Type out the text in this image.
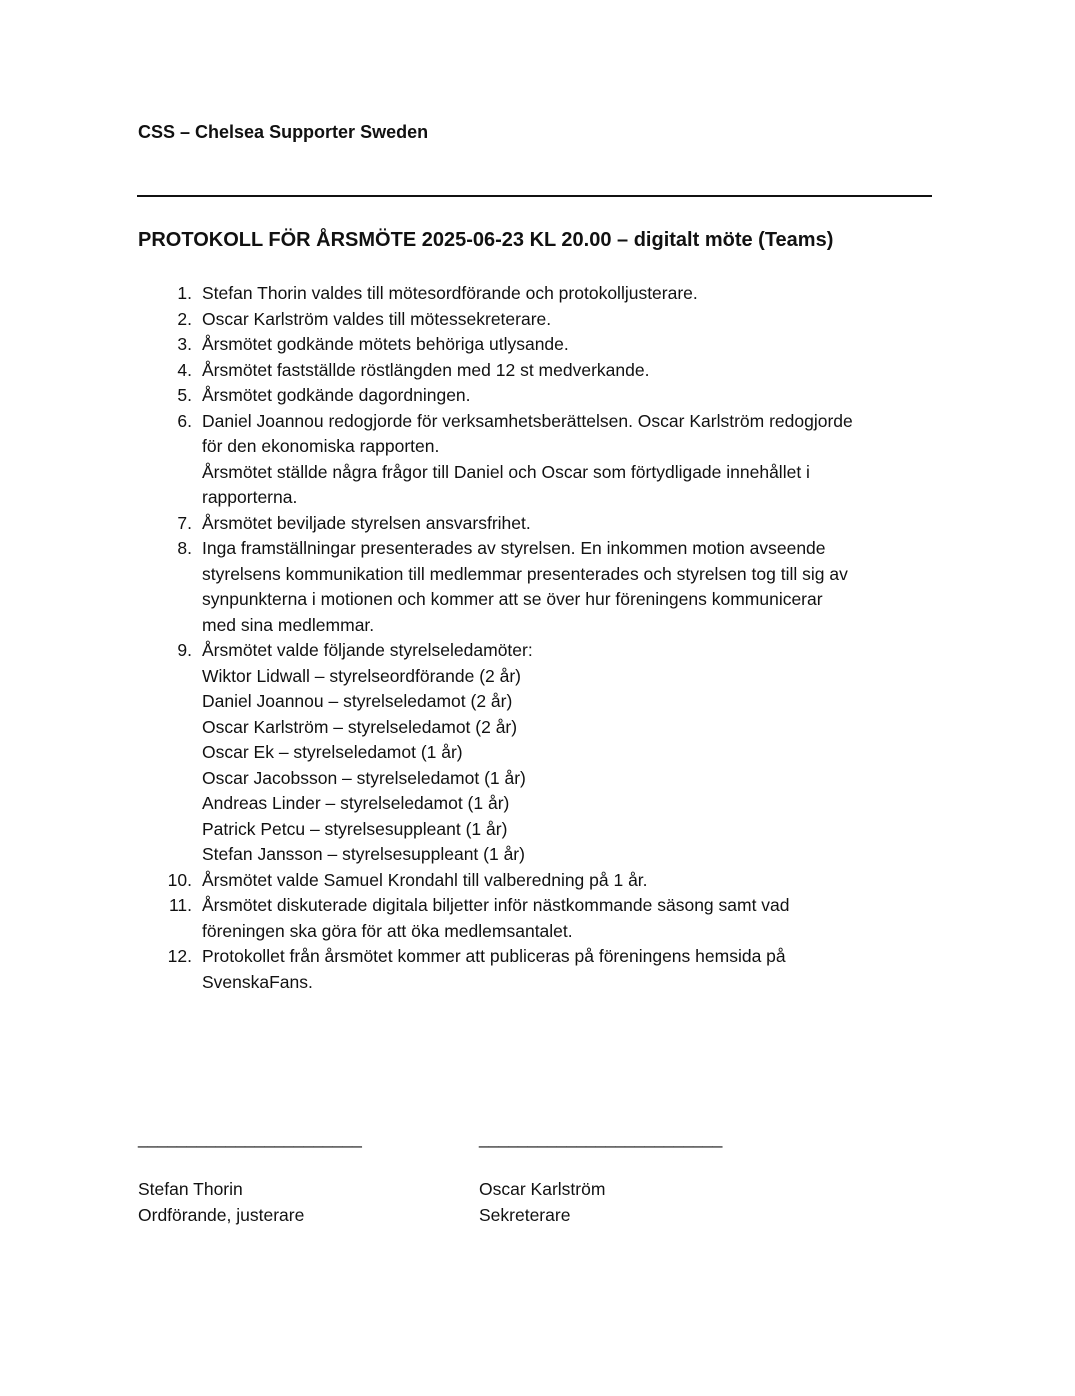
CSS – Chelsea Supporter Sweden
PROTOKOLL FÖR ÅRSMÖTE 2025-06-23 KL 20.00 – digitalt möte (Teams)
1. Stefan Thorin valdes till mötesordförande och protokolljusterare.
2. Oscar Karlström valdes till mötessekreterare.
3. Årsmötet godkände mötets behöriga utlysande.
4. Årsmötet fastställde röstlängden med 12 st medverkande.
5. Årsmötet godkände dagordningen.
6. Daniel Joannou redogjorde för verksamhetsberättelsen. Oscar Karlström redogjorde
för den ekonomiska rapporten.
Årsmötet ställde några frågor till Daniel och Oscar som förtydligade innehållet i
rapporterna.
7. Årsmötet beviljade styrelsen ansvarsfrihet.
8. Inga framställningar presenterades av styrelsen. En inkommen motion avseende
styrelsens kommunikation till medlemmar presenterades och styrelsen tog till sig av
synpunkterna i motionen och kommer att se över hur föreningens kommunicerar
med sina medlemmar.
9. Årsmötet valde följande styrelseledamöter:
Wiktor Lidwall – styrelseordförande (2 år)
Daniel Joannou – styrelseledamot (2 år)
Oscar Karlström – styrelseledamot (2 år)
Oscar Ek – styrelseledamot (1 år)
Oscar Jacobsson – styrelseledamot (1 år)
Andreas Linder – styrelseledamot (1 år)
Patrick Petcu – styrelsesuppleant (1 år)
Stefan Jansson – styrelsesuppleant (1 år)
10. Årsmötet valde Samuel Krondahl till valberedning på 1 år.
11. Årsmötet diskuterade digitala biljetter inför nästkommande säsong samt vad
föreningen ska göra för att öka medlemsantalet.
12. Protokollet från årsmötet kommer att publiceras på föreningens hemsida på
SvenskaFans.
_______________________
Stefan Thorin
Ordförande, justerare
_________________________
Oscar Karlström
Sekreterare
